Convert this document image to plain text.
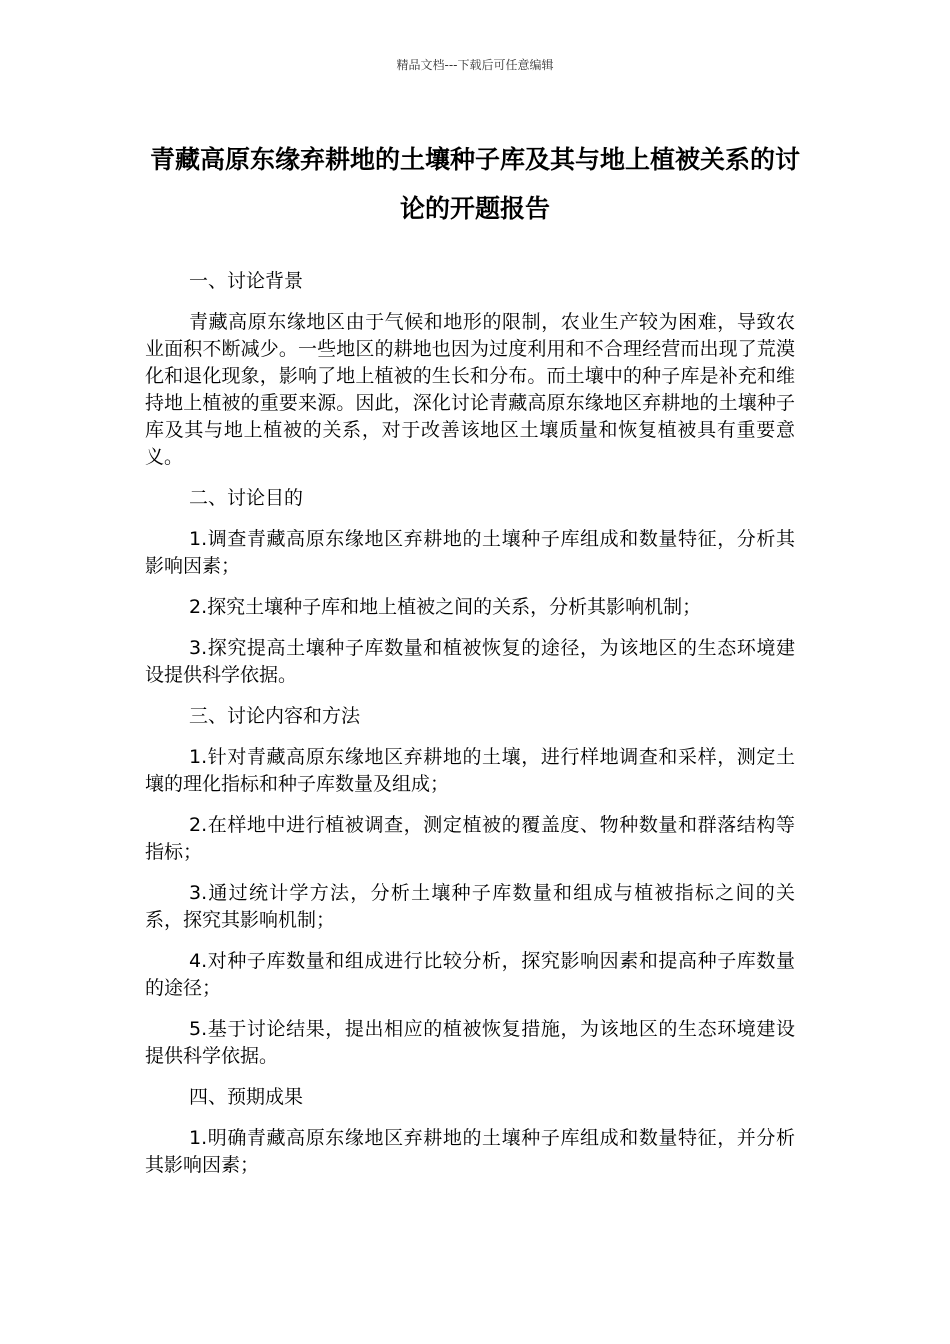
精品文档---下载后可任意编辑
青藏高原东缘弃耕地的土壤种子库及其与地上植被关系的讨论的开题报告

一、讨论背景

青藏高原东缘地区由于气候和地形的限制，农业生产较为困难，导致农业面积不断减少。一些地区的耕地也因为过度利用和不合理经营而出现了荒漠化和退化现象，影响了地上植被的生长和分布。而土壤中的种子库是补充和维持地上植被的重要来源。因此，深化讨论青藏高原东缘地区弃耕地的土壤种子库及其与地上植被的关系，对于改善该地区土壤质量和恢复植被具有重要意义。

二、讨论目的

1.调查青藏高原东缘地区弃耕地的土壤种子库组成和数量特征，分析其影响因素；

2.探究土壤种子库和地上植被之间的关系，分析其影响机制；

3.探究提高土壤种子库数量和植被恢复的途径，为该地区的生态环境建设提供科学依据。

三、讨论内容和方法

1.针对青藏高原东缘地区弃耕地的土壤，进行样地调查和采样，测定土壤的理化指标和种子库数量及组成；

2.在样地中进行植被调查，测定植被的覆盖度、物种数量和群落结构等指标；

3.通过统计学方法，分析土壤种子库数量和组成与植被指标之间的关系，探究其影响机制；

4.对种子库数量和组成进行比较分析，探究影响因素和提高种子库数量的途径；

5.基于讨论结果，提出相应的植被恢复措施，为该地区的生态环境建设提供科学依据。

四、预期成果

1.明确青藏高原东缘地区弃耕地的土壤种子库组成和数量特征，并分析其影响因素；
